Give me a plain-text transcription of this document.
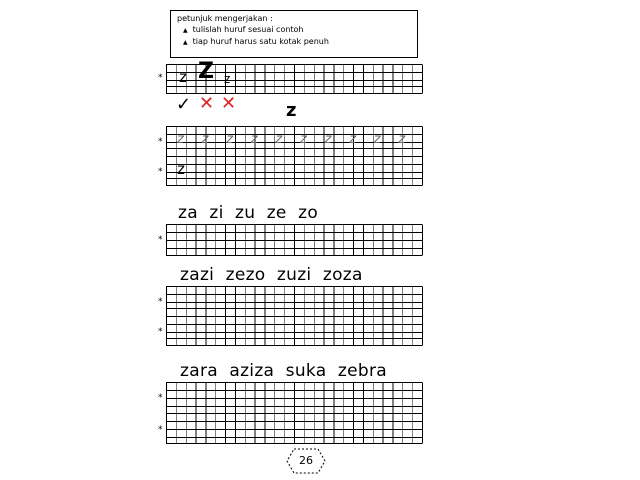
petunjuk mengerjakan :
▲ tulislah huruf sesuai contoh
▲ tiap huruf harus satu kotak penuh
* z Z z
✓ ✕ ✕	z
*
*
z z z z z z z z z z
z
za  zi  zu  ze  zo
*
zazi  zezo  zuzi  zoza
*
*
zara  aziza  suka  zebra
*
*
26
